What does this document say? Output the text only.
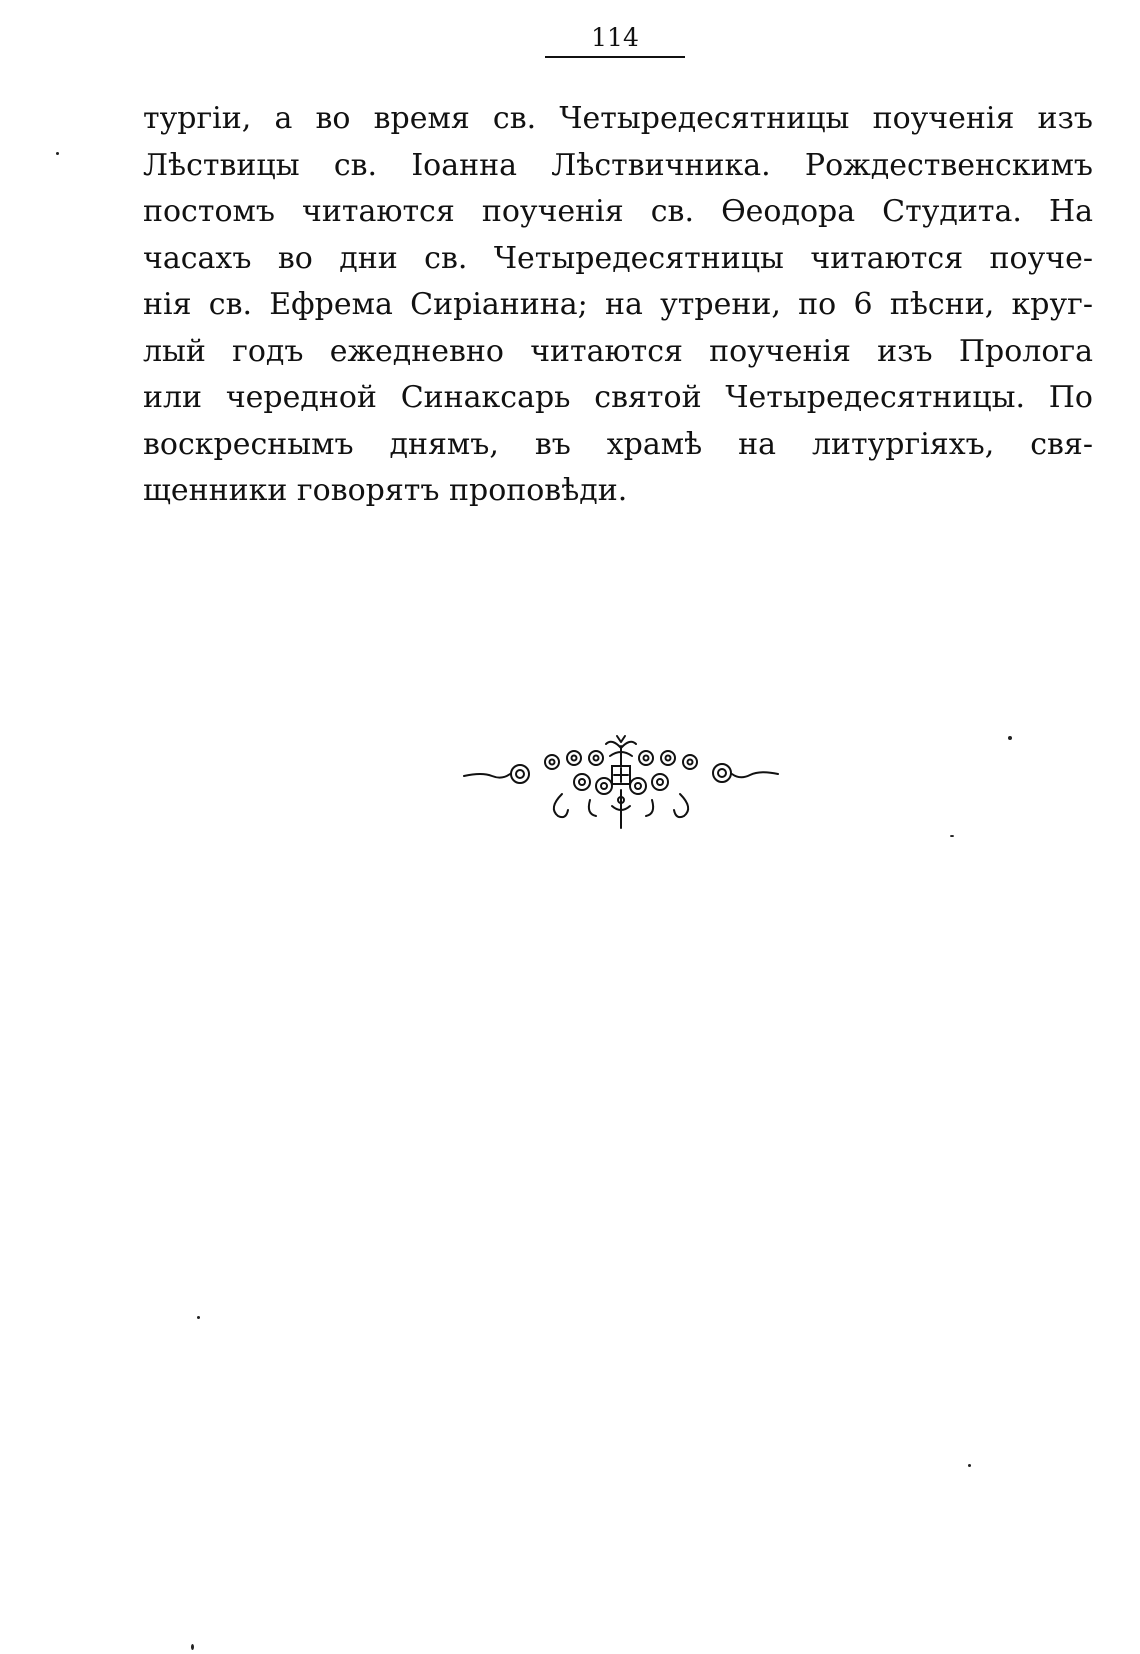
114
тургiи, а во время св. Четыредесятницы поученiя изъ
Лѣствицы св. Iоанна Лѣствичника. Рождественскимъ
постомъ читаются поученiя св. Ѳеодора Студита. На
часахъ во дни св. Четыредесятницы читаются поуче-
нiя св. Ефрема Сирiанина; на утрени, по 6 пѣсни, круг-
лый годъ ежедневно читаются поученiя изъ Пролога
или чередной Синаксарь святой Четыредесятницы. По
воскреснымъ днямъ, въ храмѣ на литургiяхъ, свя-
щенники говорятъ проповѣди.
